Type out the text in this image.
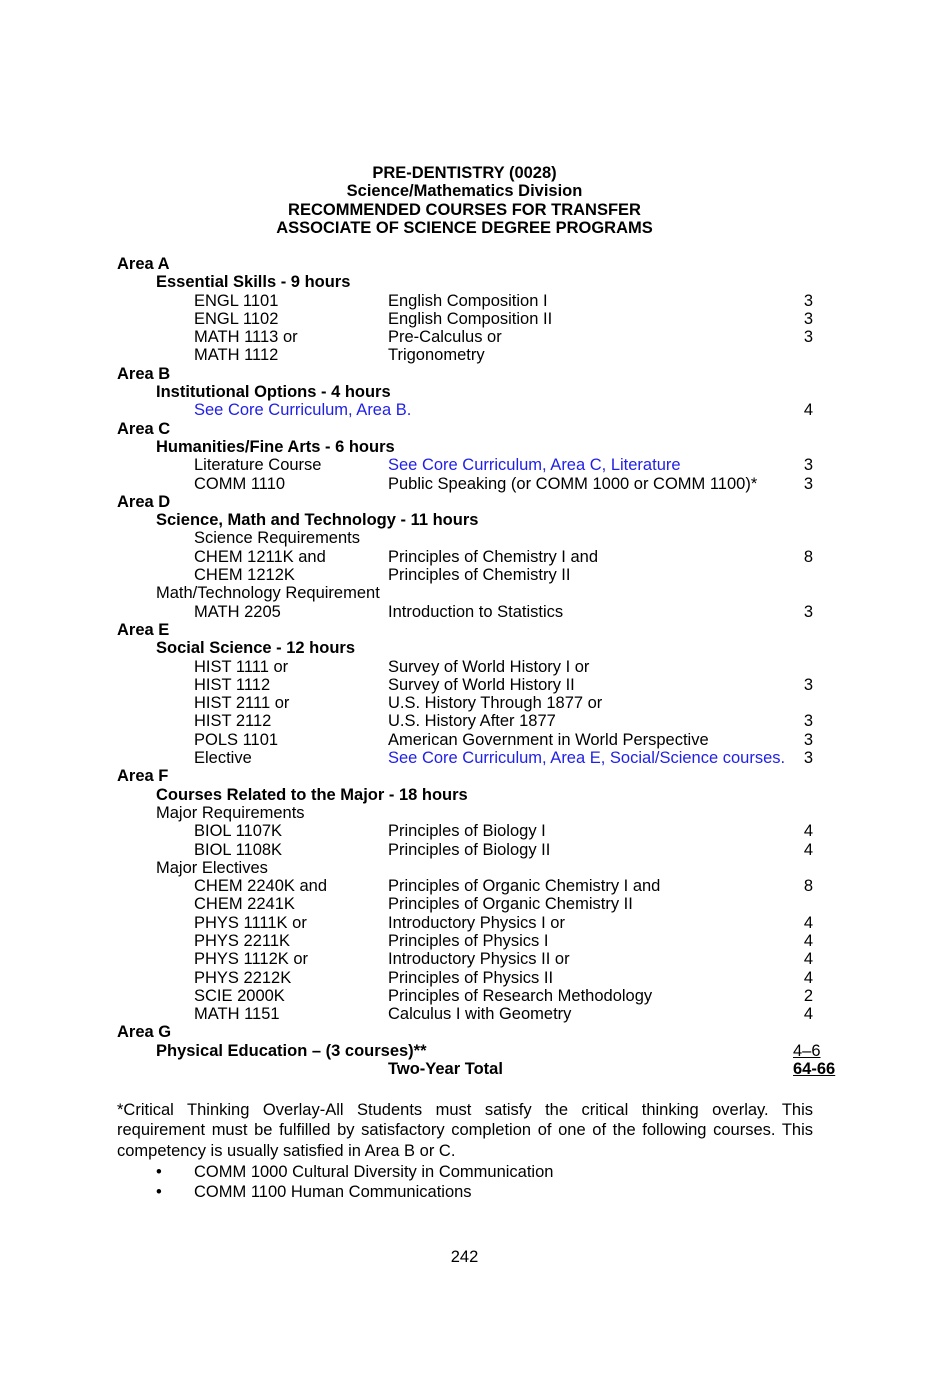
PRE-DENTISTRY (0028)
Science/Mathematics Division
RECOMMENDED COURSES FOR TRANSFER
ASSOCIATE OF SCIENCE DEGREE PROGRAMS
Area A
Essential Skills - 9 hours
ENGL 1101	English Composition I	3
ENGL 1102	English Composition II	3
MATH 1113 or	Pre-Calculus or	3
MATH 1112	Trigonometry
Area B
Institutional Options - 4 hours
See Core Curriculum, Area B.	4
Area C
Humanities/Fine Arts - 6 hours
Literature Course	See Core Curriculum, Area C, Literature	3
COMM 1110	Public Speaking (or COMM 1000 or COMM 1100)*	3
Area D
Science, Math and Technology - 11 hours
Science Requirements
CHEM 1211K and	Principles of Chemistry I and	8
CHEM 1212K	Principles of Chemistry II
Math/Technology Requirement
MATH 2205	Introduction to Statistics	3
Area E
Social Science - 12 hours
HIST 1111 or	Survey of World History I or
HIST 1112	Survey of World History II	3
HIST 2111 or	U.S. History Through 1877 or
HIST 2112	U.S. History After 1877	3
POLS 1101	American Government in World Perspective	3
Elective	See Core Curriculum, Area E, Social/Science courses.	3
Area F
Courses Related to the Major - 18 hours
Major Requirements
BIOL 1107K	Principles of Biology I	4
BIOL 1108K	Principles of Biology II	4
Major Electives
CHEM 2240K and	Principles of Organic Chemistry I and	8
CHEM 2241K	Principles of Organic Chemistry II
PHYS 1111K or	Introductory Physics I or	4
PHYS 2211K	Principles of Physics I	4
PHYS 1112K or	Introductory Physics II or	4
PHYS 2212K	Principles of Physics II	4
SCIE 2000K	Principles of Research Methodology	2
MATH 1151	Calculus I with Geometry	4
Area G
Physical Education – (3 courses)**	4–6
Two-Year Total	64-66
*Critical Thinking Overlay-All Students must satisfy the critical thinking overlay. This requirement must be fulfilled by satisfactory completion of one of the following courses. This competency is usually satisfied in Area B or C.
• COMM 1000 Cultural Diversity in Communication
• COMM 1100 Human Communications
242
